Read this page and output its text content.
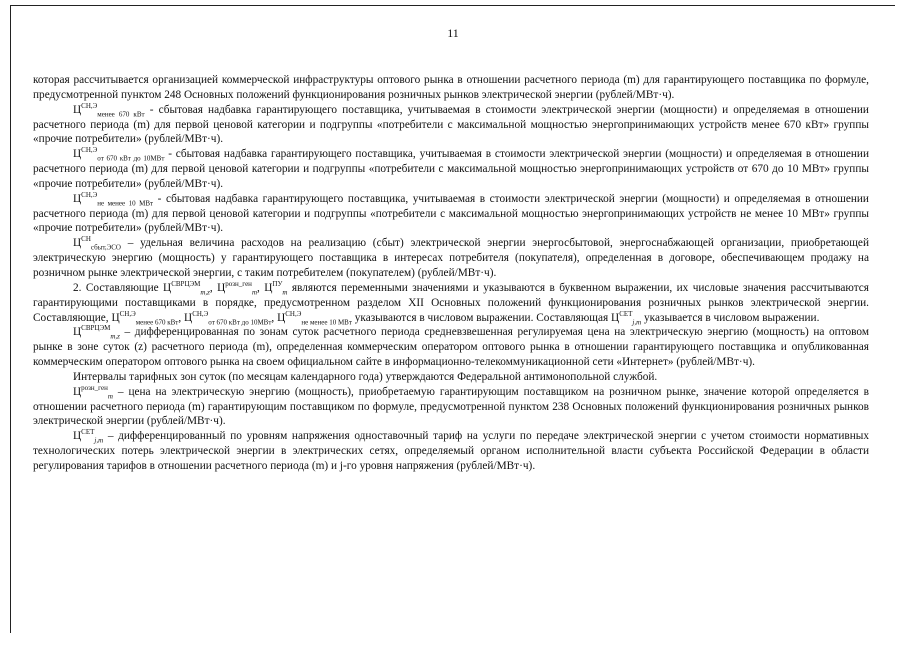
11

которая рассчитывается организацией коммерческой инфраструктуры оптового рынка в отношении расчетного периода (m) для гарантирующего поставщика по формуле, предусмотренной пунктом 248 Основных положений функционирования розничных рынков электрической энергии (рублей/МВт·ч).

$Ц^{СН,Э}_{менее 670 кВт}$ - сбытовая надбавка гарантирующего поставщика, учитываемая в стоимости электрической энергии (мощности) и определяемая в отношении расчетного периода (m) для первой ценовой категории и подгруппы «потребители с максимальной мощностью энергопринимающих устройств менее 670 кВт» группы «прочие потребители» (рублей/МВт·ч).

$Ц^{СН,Э}_{от 670 кВт до 10МВт}$ - сбытовая надбавка гарантирующего поставщика, учитываемая в стоимости электрической энергии (мощности) и определяемая в отношении расчетного периода (m) для первой ценовой категории и подгруппы «потребители с максимальной мощностью энергопринимающих устройств от 670 до 10 МВт» группы «прочие потребители» (рублей/МВт·ч).

$Ц^{СН,Э}_{не менее 10 МВт}$ - сбытовая надбавка гарантирующего поставщика, учитываемая в стоимости электрической энергии (мощности) и определяемая в отношении расчетного периода (m) для первой ценовой категории и подгруппы «потребители с максимальной мощностью энергопринимающих устройств не менее 10 МВт» группы «прочие потребители» (рублей/МВт·ч).

$Ц^{СН}_{сбыт,ЭСО}$ – удельная величина расходов на реализацию (сбыт) электрической энергии энергосбытовой, энергоснабжающей организации, приобретающей электрическую энергию (мощность) у гарантирующего поставщика в интересах потребителя (покупателя), определенная в договоре, обеспечивающем продажу на розничном рынке электрической энергии, с таким потребителем (покупателем) (рублей/МВт·ч).

2. Составляющие $Ц^{СВРЦЭМ}_{m,z}$, $Ц^{розн\_ген}_m$, $Ц^{ПУ}_m$ являются переменными значениями и указываются в буквенном выражении, их числовые значения рассчитываются гарантирующими поставщиками в порядке, предусмотренном разделом XII Основных положений функционирования розничных рынков электрической энергии. Составляющие, $Ц^{СН,Э}_{менее 670 кВт}$, $Ц^{СН,Э}_{от 670 кВт до 10МВт}$, $Ц^{СН,Э}_{не менее 10 МВт}$ указываются в числовом выражении. Составляющая $Ц^{СЕТ}_{j,m}$ указывается в числовом выражении.

$Ц^{СВРЦЭМ}_{m,z}$ – дифференцированная по зонам суток расчетного периода средневзвешенная регулируемая цена на электрическую энергию (мощность) на оптовом рынке в зоне суток (z) расчетного периода (m), определенная коммерческим оператором оптового рынка в отношении гарантирующего поставщика и опубликованная коммерческим оператором оптового рынка на своем официальном сайте в информационно-телекоммуникационной сети «Интернет» (рублей/МВт·ч).

Интервалы тарифных зон суток (по месяцам календарного года) утверждаются Федеральной антимонопольной службой.

$Ц^{розн\_ген}_m$ – цена на электрическую энергию (мощность), приобретаемую гарантирующим поставщиком на розничном рынке, значение которой определяется в отношении расчетного периода (m) гарантирующим поставщиком по формуле, предусмотренной пунктом 238 Основных положений функционирования розничных рынков электрической энергии (рублей/МВт·ч).

$Ц^{СЕТ}_{j,m}$ – дифференцированный по уровням напряжения одноставочный тариф на услуги по передаче электрической энергии с учетом стоимости нормативных технологических потерь электрической энергии в электрических сетях, определяемый органом исполнительной власти субъекта Российской Федерации в области регулирования тарифов в отношении расчетного периода (m) и j-го уровня напряжения (рублей/МВт·ч).
